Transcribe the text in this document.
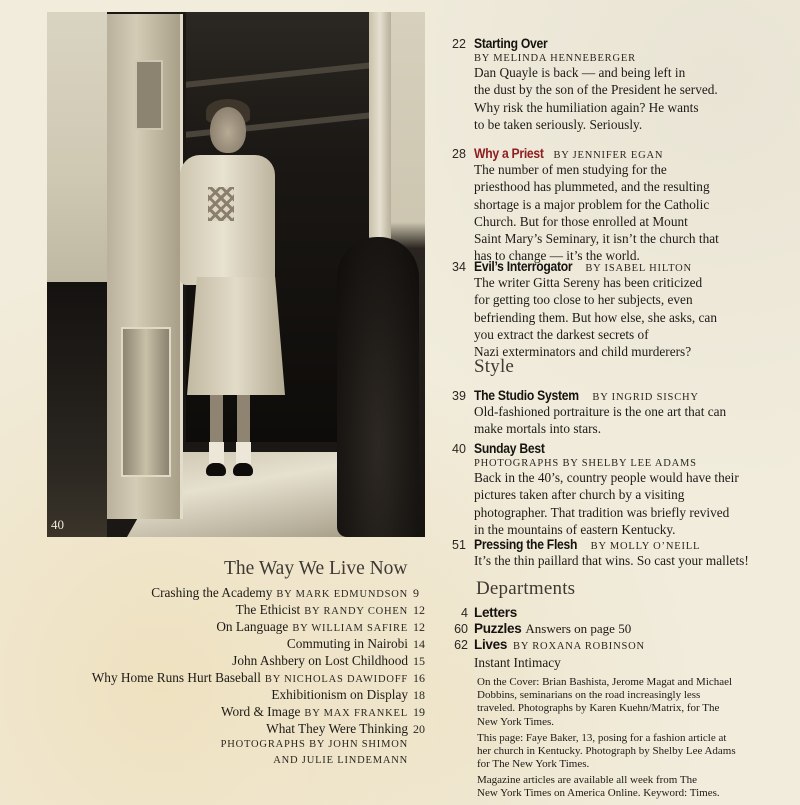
40
22 Starting Over
BY MELINDA HENNEBERGER
Dan Quayle is back — and being left in
the dust by the son of the President he served.
Why risk the humiliation again? He wants
to be taken seriously. Seriously.
28 Why a Priest BY JENNIFER EGAN
The number of men studying for the
priesthood has plummeted, and the resulting
shortage is a major problem for the Catholic
Church. But for those enrolled at Mount
Saint Mary’s Seminary, it isn’t the church that
has to change — it’s the world.
34 Evil’s Interrogator BY ISABEL HILTON
The writer Gitta Sereny has been criticized
for getting too close to her subjects, even
befriending them. But how else, she asks, can
you extract the darkest secrets of
Nazi exterminators and child murderers?
Style
39 The Studio System BY INGRID SISCHY
Old-fashioned portraiture is the one art that can
make mortals into stars.
40 Sunday Best
PHOTOGRAPHS BY SHELBY LEE ADAMS
Back in the 40’s, country people would have their
pictures taken after church by a visiting
photographer. That tradition was briefly revived
in the mountains of eastern Kentucky.
51 Pressing the Flesh BY MOLLY O’NEILL
It’s the thin paillard that wins. So cast your mallets!
Departments
4 Letters
60 Puzzles Answers on page 50
62 Lives BY ROXANA ROBINSON
Instant Intimacy
On the Cover: Brian Bashista, Jerome Magat and Michael
Dobbins, seminarians on the road increasingly less
traveled. Photographs by Karen Kuehn/Matrix, for The
New York Times.
This page: Faye Baker, 13, posing for a fashion article at
her church in Kentucky. Photograph by Shelby Lee Adams
for The New York Times.
Magazine articles are available all week from The
New York Times on America Online. Keyword: Times.
The Way We Live Now
Crashing the Academy BY MARK EDMUNDSON 9
The Ethicist BY RANDY COHEN 12
On Language BY WILLIAM SAFIRE 12
Commuting in Nairobi 14
John Ashbery on Lost Childhood 15
Why Home Runs Hurt Baseball BY NICHOLAS DAWIDOFF 16
Exhibitionism on Display 18
Word & Image BY MAX FRANKEL 19
What They Were Thinking 20
PHOTOGRAPHS BY JOHN SHIMON
AND JULIE LINDEMANN
